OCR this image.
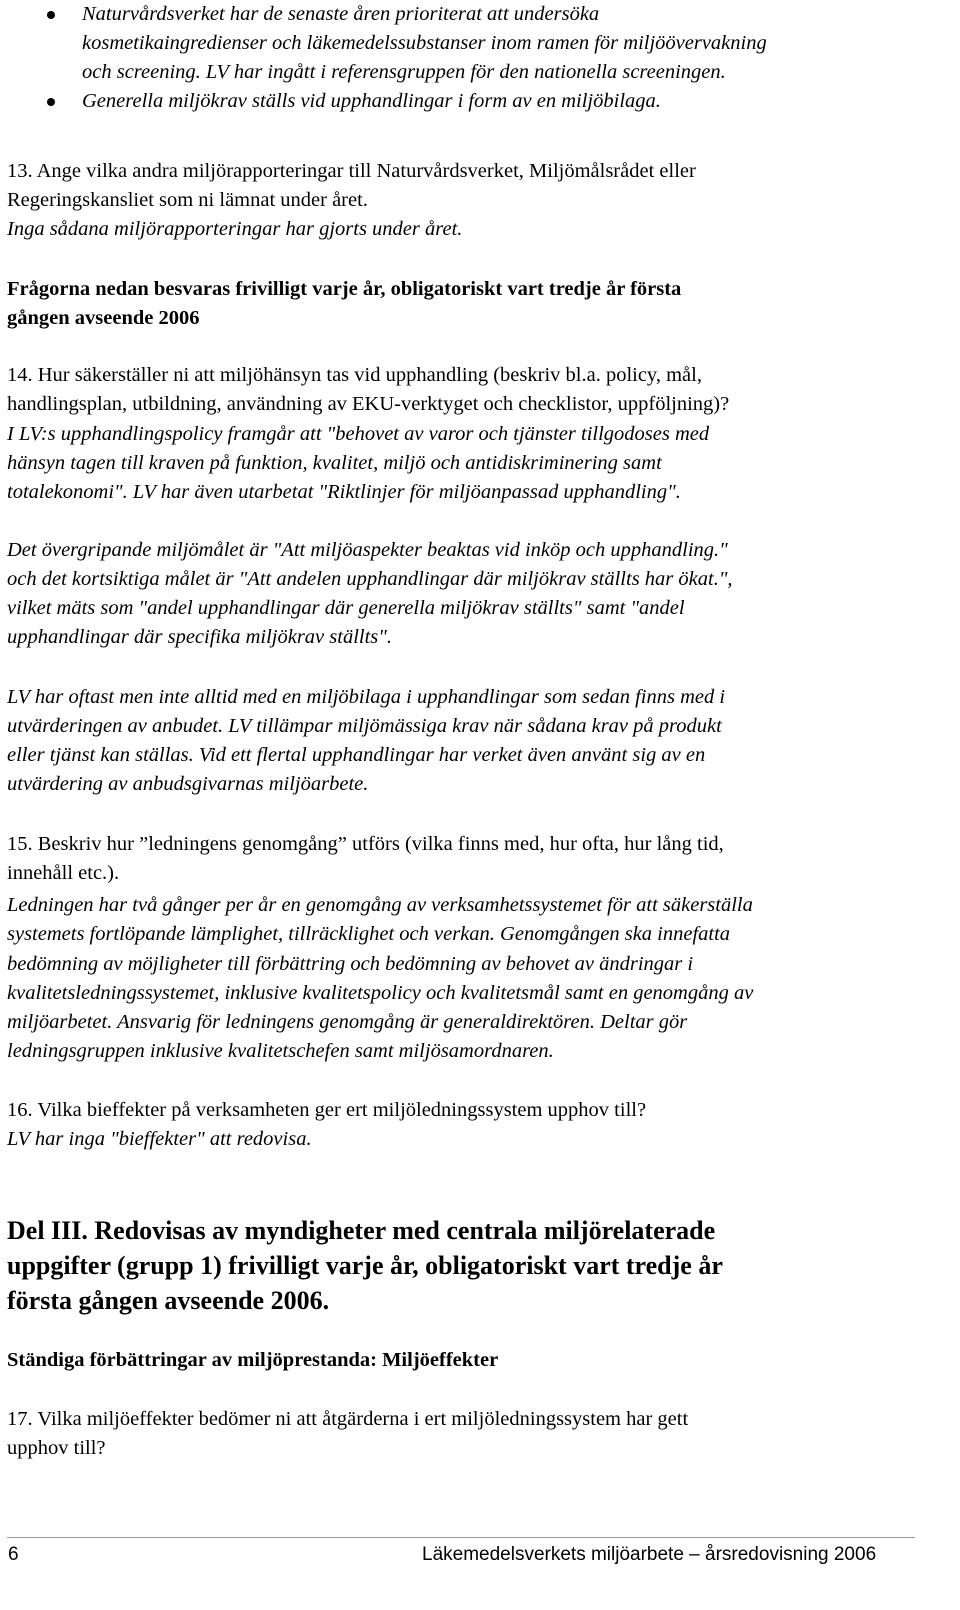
Naturvårdsverket har de senaste åren prioriterat att undersöka
kosmetikaingredienser och läkemedelssubstanser inom ramen för miljöövervakning
och screening. LV har ingått i referensgruppen för den nationella screeningen.
Generella miljökrav ställs vid upphandlingar i form av en miljöbilaga.
13. Ange vilka andra miljörapporteringar till Naturvårdsverket, Miljömålsrådet eller
Regeringskansliet som ni lämnat under året.
Inga sådana miljörapporteringar har gjorts under året.
Frågorna nedan besvaras frivilligt varje år, obligatoriskt vart tredje år första
gången avseende 2006
14. Hur säkerställer ni att miljöhänsyn tas vid upphandling (beskriv bl.a. policy, mål,
handlingsplan, utbildning, användning av EKU-verktyget och checklistor, uppföljning)?
I LV:s upphandlingspolicy framgår att "behovet av varor och tjänster tillgodoses med
hänsyn tagen till kraven på funktion, kvalitet, miljö och antidiskriminering samt
totalekonomi". LV har även utarbetat "Riktlinjer för miljöanpassad upphandling".
Det övergripande miljömålet är "Att miljöaspekter beaktas vid inköp och upphandling."
och det kortsiktiga målet är "Att andelen upphandlingar där miljökrav ställts har ökat.",
vilket mäts som "andel upphandlingar där generella miljökrav ställts" samt "andel
upphandlingar där specifika miljökrav ställts".
LV har oftast men inte alltid med en miljöbilaga i upphandlingar som sedan finns med i
utvärderingen av anbudet. LV tillämpar miljömässiga krav när sådana krav på produkt
eller tjänst kan ställas. Vid ett flertal upphandlingar har verket även använt sig av en
utvärdering av anbudsgivarnas miljöarbete.
15. Beskriv hur ”ledningens genomgång” utförs (vilka finns med, hur ofta, hur lång tid,
innehåll etc.).
Ledningen har två gånger per år en genomgång av verksamhetssystemet för att säkerställa
systemets fortlöpande lämplighet, tillräcklighet och verkan. Genomgången ska innefatta
bedömning av möjligheter till förbättring och bedömning av behovet av ändringar i
kvalitetsledningssystemet, inklusive kvalitetspolicy och kvalitetsmål samt en genomgång av
miljöarbetet. Ansvarig för ledningens genomgång är generaldirektören. Deltar gör
ledningsgruppen inklusive kvalitetschefen samt miljösamordnaren.
16. Vilka bieffekter på verksamheten ger ert miljöledningssystem upphov till?
LV har inga "bieffekter" att redovisa.
Del III. Redovisas av myndigheter med centrala miljörelaterade
uppgifter (grupp 1) frivilligt varje år, obligatoriskt vart tredje år
första gången avseende 2006.
Ständiga förbättringar av miljöprestanda: Miljöeffekter
17. Vilka miljöeffekter bedömer ni att åtgärderna i ert miljöledningssystem har gett
upphov till?
6	Läkemedelsverkets miljöarbete – årsredovisning 2006
